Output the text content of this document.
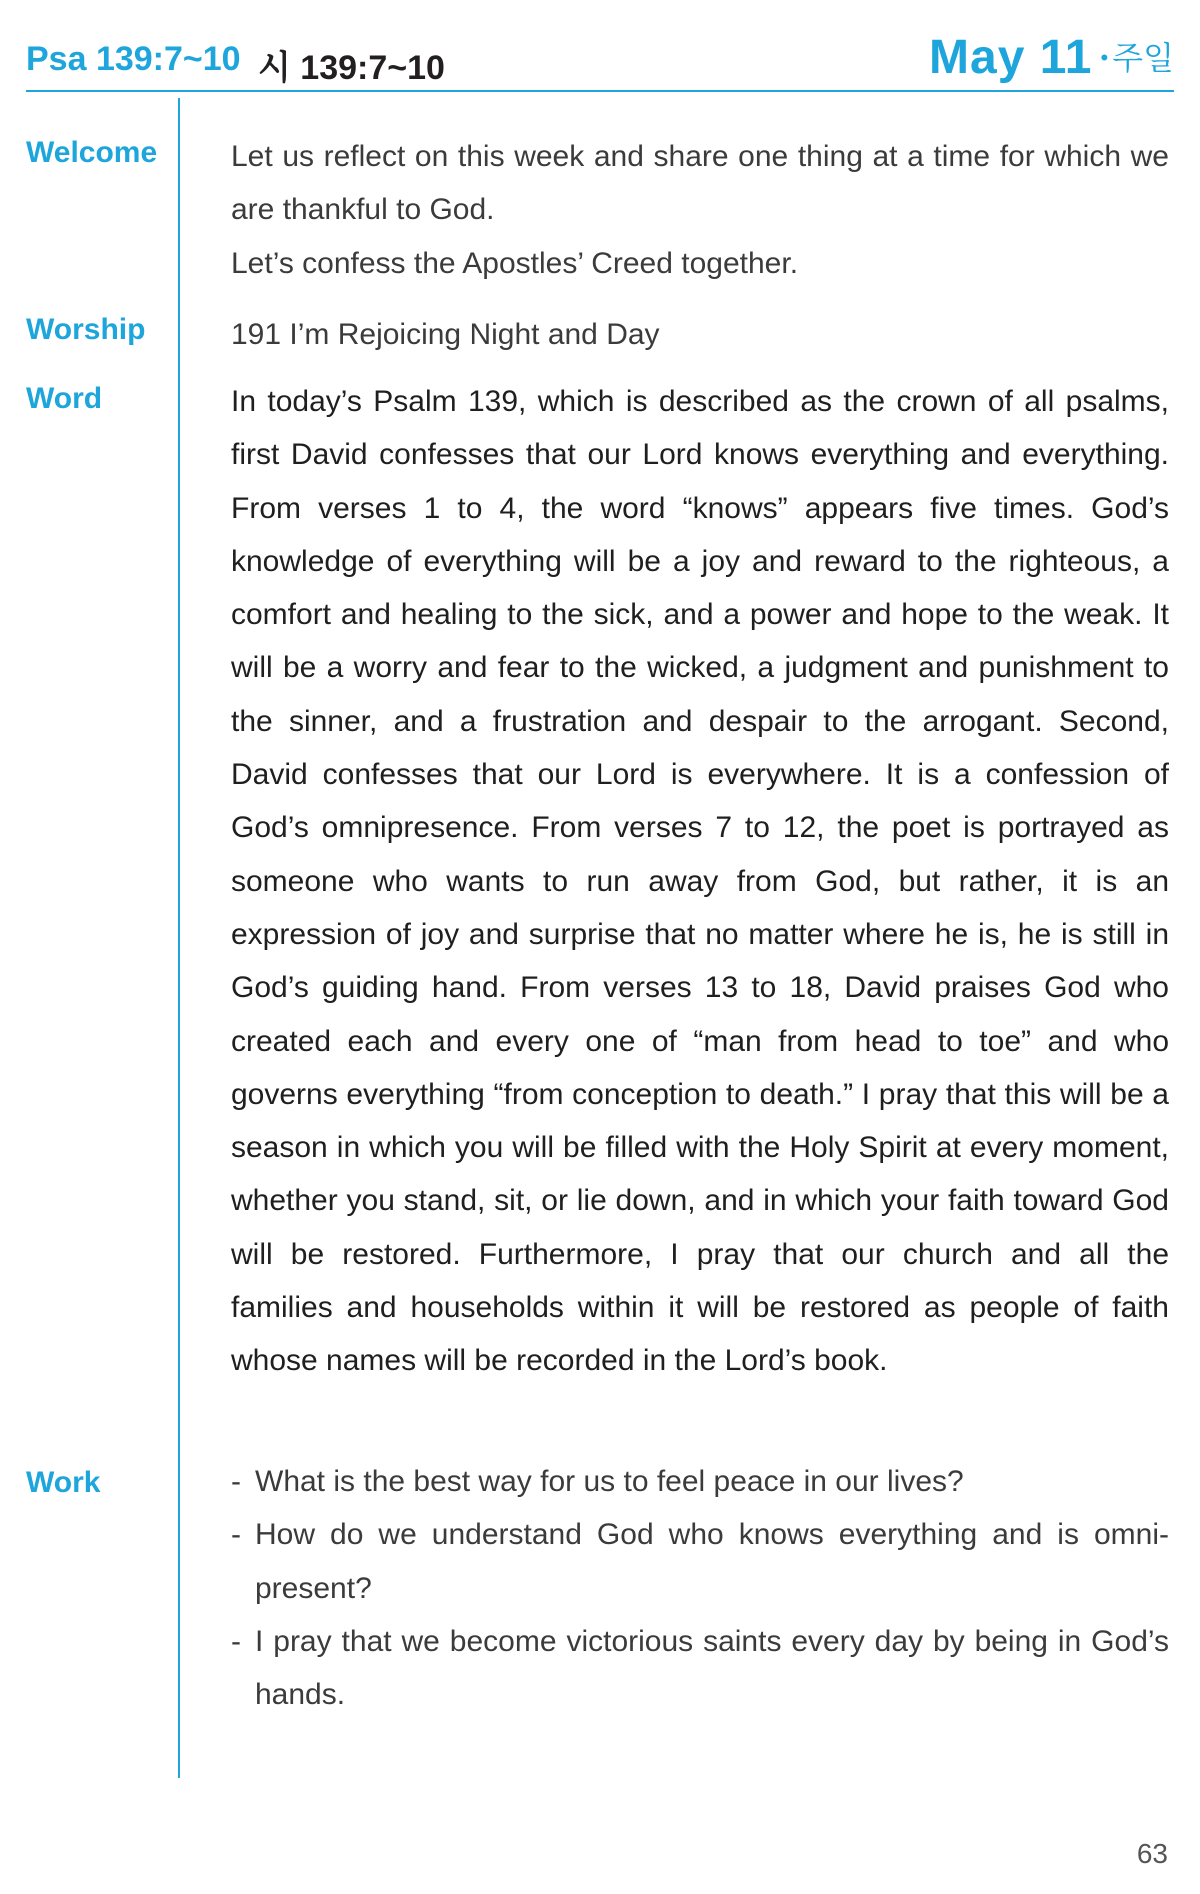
Psa 139:7~10 시 139:7~10	May 11 • 주일
Welcome Let us reflect on this week and share one thing at a time for which we are thankful to God.

Let’s confess the Apostles’ Creed together.

Worship	191 I’m Rejoicing Night and Day
Word	In today’s Psalm 139, which is described as the crown of all psalms, first David confesses that our Lord knows everything and everything. From verses 1 to 4, the word “knows” appears five times. God’s knowledge of everything will be a joy and reward to the righteous, a comfort and healing to the sick, and a power and hope to the weak. It will be a worry and fear to the wicked, a judgment and punishment to the sinner, and a frustration and despair to the arrogant. Second, David confesses that our Lord is everywhere. It is a confession of God’s omnipresence. From verses 7 to 12, the poet is portrayed as someone who wants to run away from God, but rather, it is an expression of joy and surprise that no matter where he is, he is still in God’s guiding hand. From verses 13 to 18, David praises God who created each and every one of “man from head to toe” and who governs everything “from conception to death.” I pray that this will be a season in which you will be filled with the Holy Spirit at every moment, whether you stand, sit, or lie down, and in which your faith toward God will be restored. Furthermore, I pray that our church and all the families and households within it will be restored as people of faith whose names will be recorded in the Lord’s book.

Work	- What is the best way for us to feel peace in our lives?
- How do we understand God who knows everything and is omnipresent?
- I pray that we become victorious saints every day by being in God’s hands.
63
